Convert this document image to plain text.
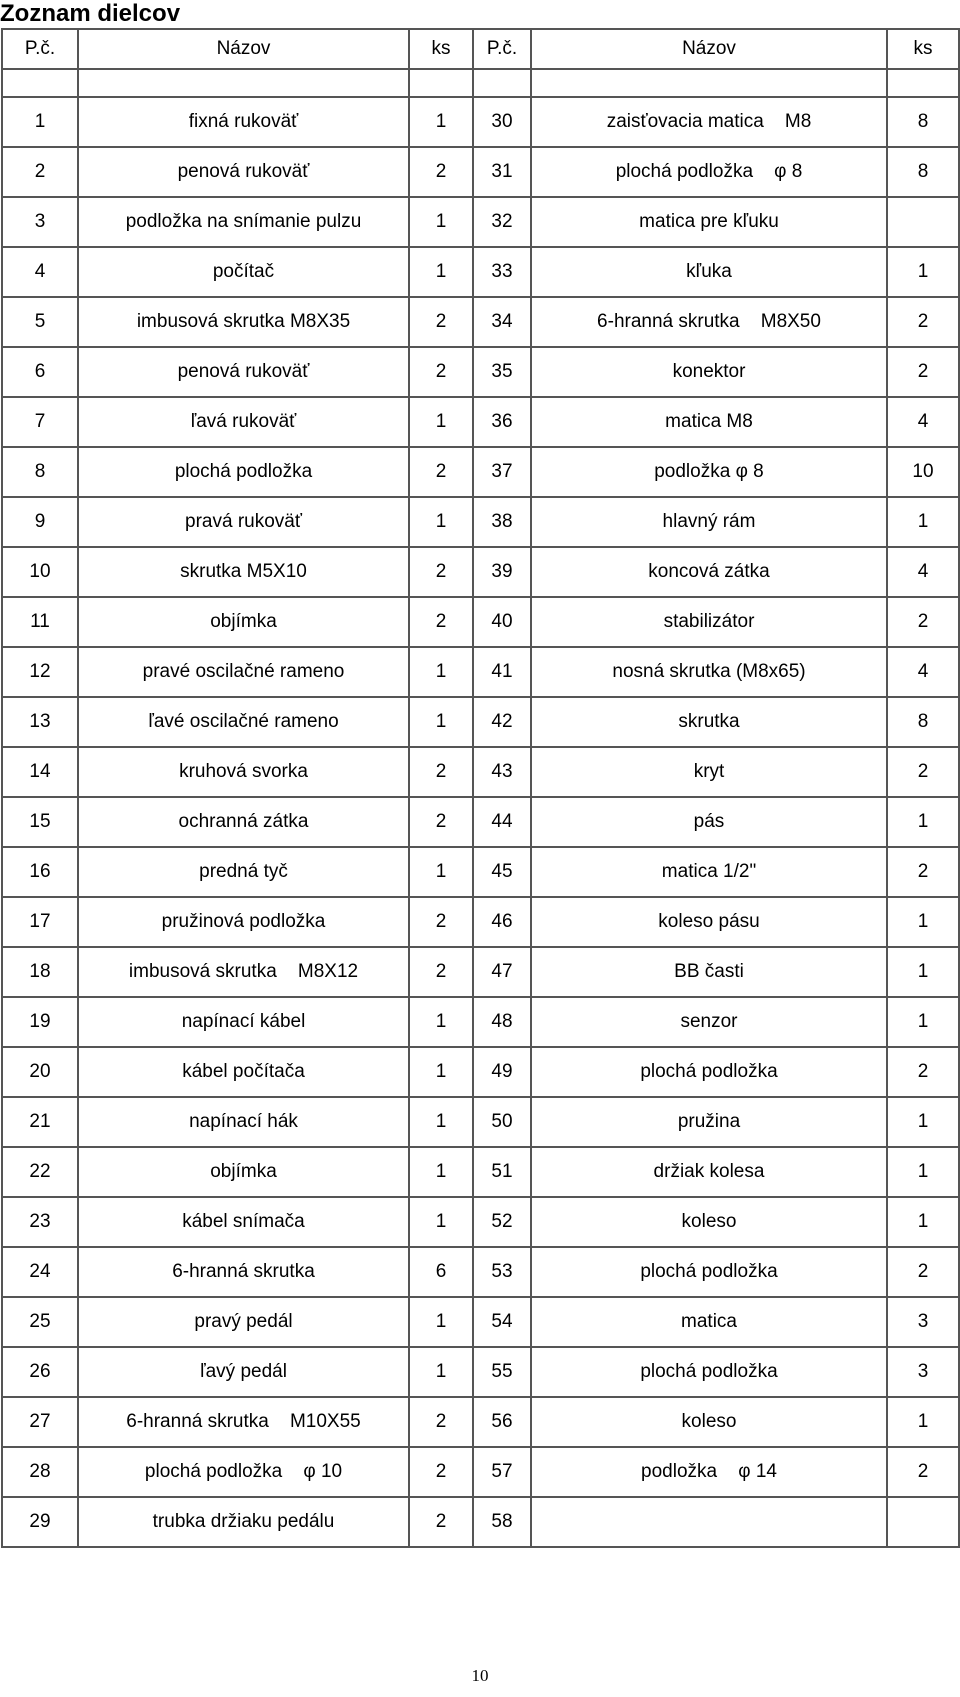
Zoznam dielcov
P.č.	Názov	ks	P.č.	Názov	ks

1	fixná rukoväť	1	30	zaisťovacia matica    M8	8
2	penová rukoväť	2	31	plochá podložka    φ 8	8
3	podložka na snímanie pulzu	1	32	matica pre kľuku	
4	počítač	1	33	kľuka	1
5	imbusová skrutka M8X35	2	34	6-hranná skrutka    M8X50	2
6	penová rukoväť	2	35	konektor	2
7	ľavá rukoväť	1	36	matica M8	4
8	plochá podložka	2	37	podložka φ 8	10
9	pravá rukoväť	1	38	hlavný rám	1
10	skrutka M5X10	2	39	koncová zátka	4
11	objímka	2	40	stabilizátor	2
12	pravé oscilačné rameno	1	41	nosná skrutka (M8x65)	4
13	ľavé oscilačné rameno	1	42	skrutka	8
14	kruhová svorka	2	43	kryt	2
15	ochranná zátka	2	44	pás	1
16	predná tyč	1	45	matica 1/2"	2
17	pružinová podložka	2	46	koleso pásu	1
18	imbusová skrutka    M8X12	2	47	BB časti	1
19	napínací kábel	1	48	senzor	1
20	kábel počítača	1	49	plochá podložka	2
21	napínací hák	1	50	pružina	1
22	objímka	1	51	držiak kolesa	1
23	kábel snímača	1	52	koleso	1
24	6-hranná skrutka	6	53	plochá podložka	2
25	pravý pedál	1	54	matica	3
26	ľavý pedál	1	55	plochá podložka	3
27	6-hranná skrutka    M10X55	2	56	koleso	1
28	plochá podložka    φ 10	2	57	podložka    φ 14	2
29	trubka držiaku pedálu	2	58		
10
